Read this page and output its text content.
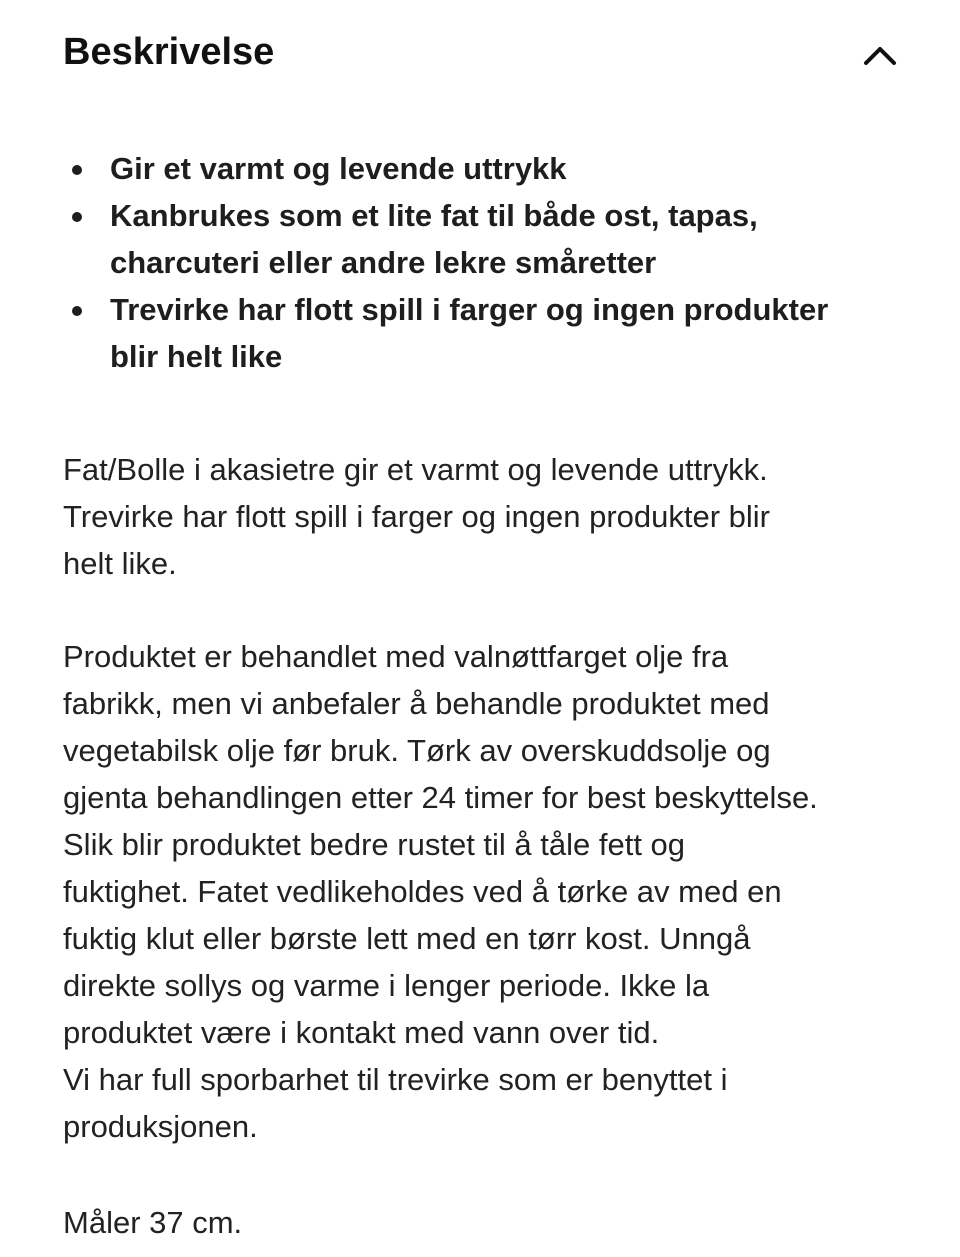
Beskrivelse
Gir et varmt og levende uttrykk
Kanbrukes som et lite fat til både ost, tapas,
charcuteri eller andre lekre småretter
Trevirke har flott spill i farger og ingen produkter
blir helt like

Fat/Bolle i akasietre gir et varmt og levende uttrykk.
Trevirke har flott spill i farger og ingen produkter blir
helt like.

Produktet er behandlet med valnøttfarget olje fra
fabrikk, men vi anbefaler å behandle produktet med
vegetabilsk olje før bruk. Tørk av overskuddsolje og
gjenta behandlingen etter 24 timer for best beskyttelse.
Slik blir produktet bedre rustet til å tåle fett og
fuktighet. Fatet vedlikeholdes ved å tørke av med en
fuktig klut eller børste lett med en tørr kost. Unngå
direkte sollys og varme i lenger periode. Ikke la
produktet være i kontakt med vann over tid.
Vi har full sporbarhet til trevirke som er benyttet i
produksjonen.

Måler 37 cm.
